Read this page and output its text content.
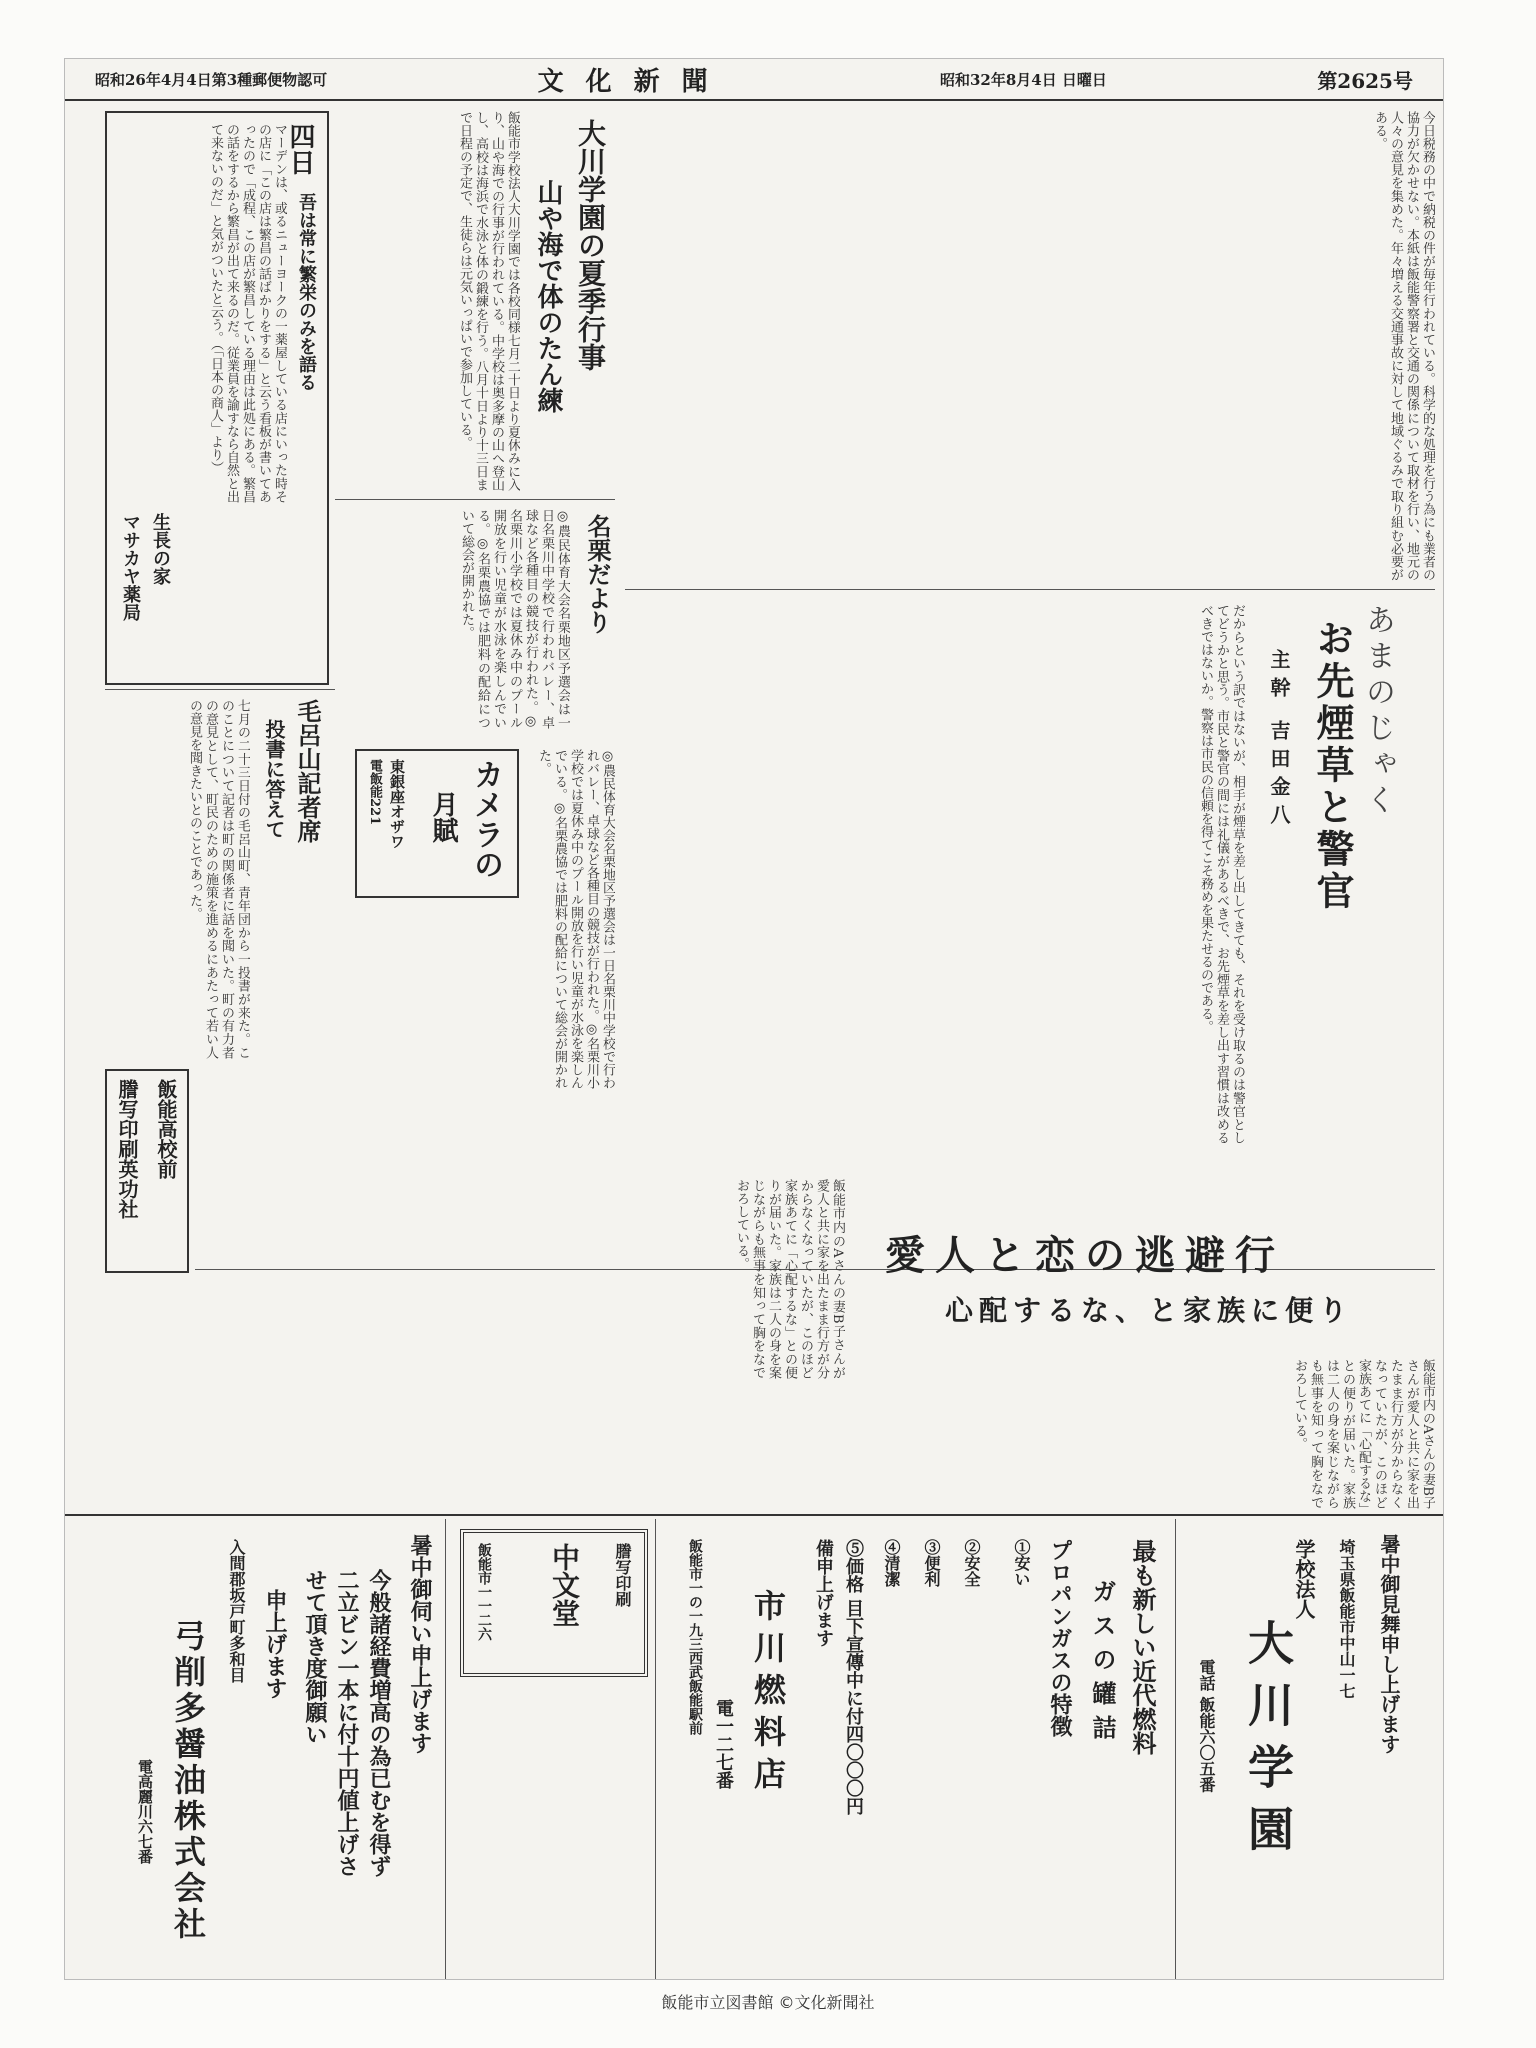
昭和26年4月4日第3種郵便物認可	文化新聞	昭和32年8月4日 日曜日	第2625号
今日税務の中で納税の件が毎年行われている。科学的な処理を行う為にも業者の協力が欠かせない。本紙は飯能警察署と交通の関係について取材を行い、地元の人々の意見を集めた。年々増える交通事故に対して地域ぐるみで取り組む必要がある。
あまのじゃく
お先煙草と警官
主幹 吉田金八
だからという訳ではないが、相手が煙草を差し出してきても、それを受け取るのは警官としてどうかと思う。市民と警官の間には礼儀があるべきで、お先煙草を差し出す習慣は改めるべきではないか。警察は市民の信頼を得てこそ務めを果たせるのである。
四日
吾は常に繁栄のみを語る
マーデンは、或るニューヨークの一薬屋している店にいった時その店に「この店は繁昌の話ばかりをする」と云う看板が書いてあったので「成程、この店が繁昌している理由は此処にある。繁昌の話をするから繁昌が出て来るのだ。従業員を諭すなら自然と出て来ないのだ」と気がついたと云う。（「日本の商人」より）
生長の家
マサカヤ薬局
大川学園の夏季行事
山や海で体のたん練
飯能市学校法人大川学園では各校同様七月二十日より夏休みに入り、山や海での行事が行われている。中学校は奥多摩の山へ登山し、高校は海浜で水泳と体の鍛練を行う。八月十日より十三日まで日程の予定で、生徒らは元気いっぱいで参加している。
名栗だより
◎農民体育大会名栗地区予選会は一日名栗川中学校で行われバレー、卓球など各種目の競技が行われた。◎名栗川小学校では夏休み中のプール開放を行い児童が水泳を楽しんでいる。◎名栗農協では肥料の配給について総会が開かれた。
毛呂山記者席
投書に答えて
七月の二十三日付の毛呂山町、青年団から一投書が来た。このことについて記者は町の関係者に話を聞いた。町の有力者の意見として、町民のための施策を進めるにあたって若い人の意見を聞きたいとのことであった。	カメラの
月賦
東銀座オザワ
電飯能221
飯能高校前
謄写印刷英功社
◎農民体育大会名栗地区予選会は一日名栗川中学校で行われバレー、卓球など各種目の競技が行われた。◎名栗川小学校では夏休み中のプール開放を行い児童が水泳を楽しんでいる。◎名栗農協では肥料の配給について総会が開かれた。
愛人と恋の逃避行
心配するな、と家族に便り
飯能市内のAさんの妻B子さんが愛人と共に家を出たまま行方が分からなくなっていたが、このほど家族あてに「心配するな」との便りが届いた。家族は二人の身を案じながらも無事を知って胸をなでおろしている。
飯能市内のAさんの妻B子さんが愛人と共に家を出たまま行方が分からなくなっていたが、このほど家族あてに「心配するな」との便りが届いた。家族は二人の身を案じながらも無事を知って胸をなでおろしている。
暑中御見舞申し上げます
埼玉県飯能市中山一七
学校法人
大川学園
電話 飯能六〇五番
最も新しい近代燃料
ガスの罐詰
プロパンガスの特徴
①安い
②安全
③便利
④清潔
⑤価格 目下宣傳中に付四〇〇〇円
備申上げます
市川燃料店
電一二七番
飯能市一の一九三西武飯能駅前
謄写印刷
中文堂
飯能市一一二六
暑中御伺い申上げます
今般諸経費増高の為已むを得ず二立ビン一本に付十円値上げさせて頂き度御願い
申上げます
入間郡坂戸町多和目
弓削多醤油株式会社
電高麗川六七番
飯能市立図書館 ©文化新聞社
